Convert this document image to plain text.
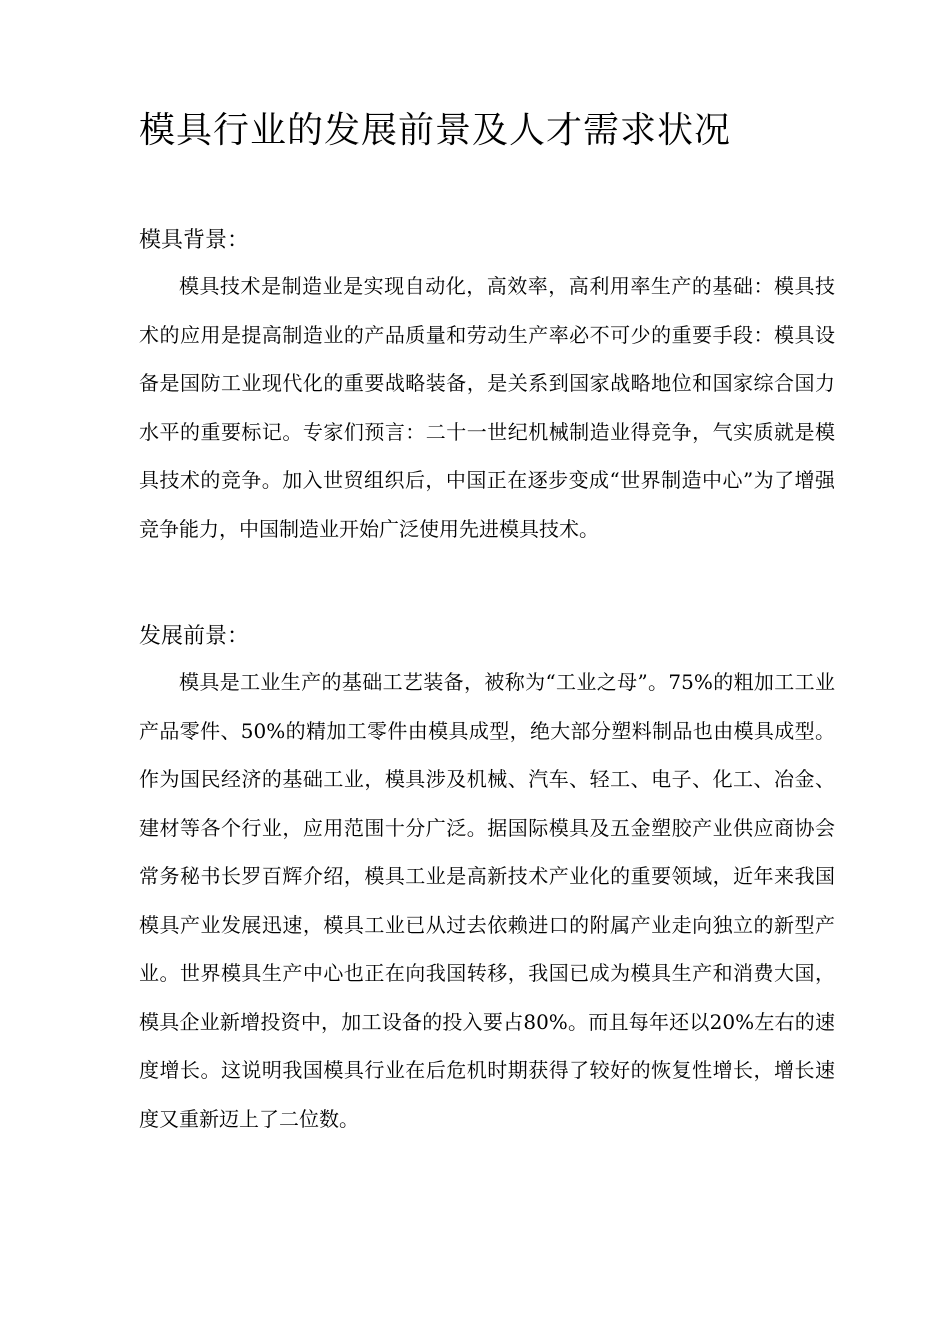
模具行业的发展前景及人才需求状况
模具背景：

模具技术是制造业是实现自动化，高效率，高利用率生产的基础：模具技术的应用是提高制造业的产品质量和劳动生产率必不可少的重要手段：模具设备是国防工业现代化的重要战略装备，是关系到国家战略地位和国家综合国力水平的重要标记。专家们预言：二十一世纪机械制造业得竞争，气实质就是模具技术的竞争。加入世贸组织后，中国正在逐步变成“世界制造中心”为了增强竞争能力，中国制造业开始广泛使用先进模具技术。

发展前景：

模具是工业生产的基础工艺装备，被称为“工业之母”。75%的粗加工工业产品零件、50%的精加工零件由模具成型，绝大部分塑料制品也由模具成型。作为国民经济的基础工业，模具涉及机械、汽车、轻工、电子、化工、冶金、建材等各个行业，应用范围十分广泛。据国际模具及五金塑胶产业供应商协会常务秘书长罗百辉介绍，模具工业是高新技术产业化的重要领域，近年来我国模具产业发展迅速，模具工业已从过去依赖进口的附属产业走向独立的新型产业。世界模具生产中心也正在向我国转移，我国已成为模具生产和消费大国，模具企业新增投资中，加工设备的投入要占80%。而且每年还以20%左右的速度增长。这说明我国模具行业在后危机时期获得了较好的恢复性增长，增长速度又重新迈上了二位数。
